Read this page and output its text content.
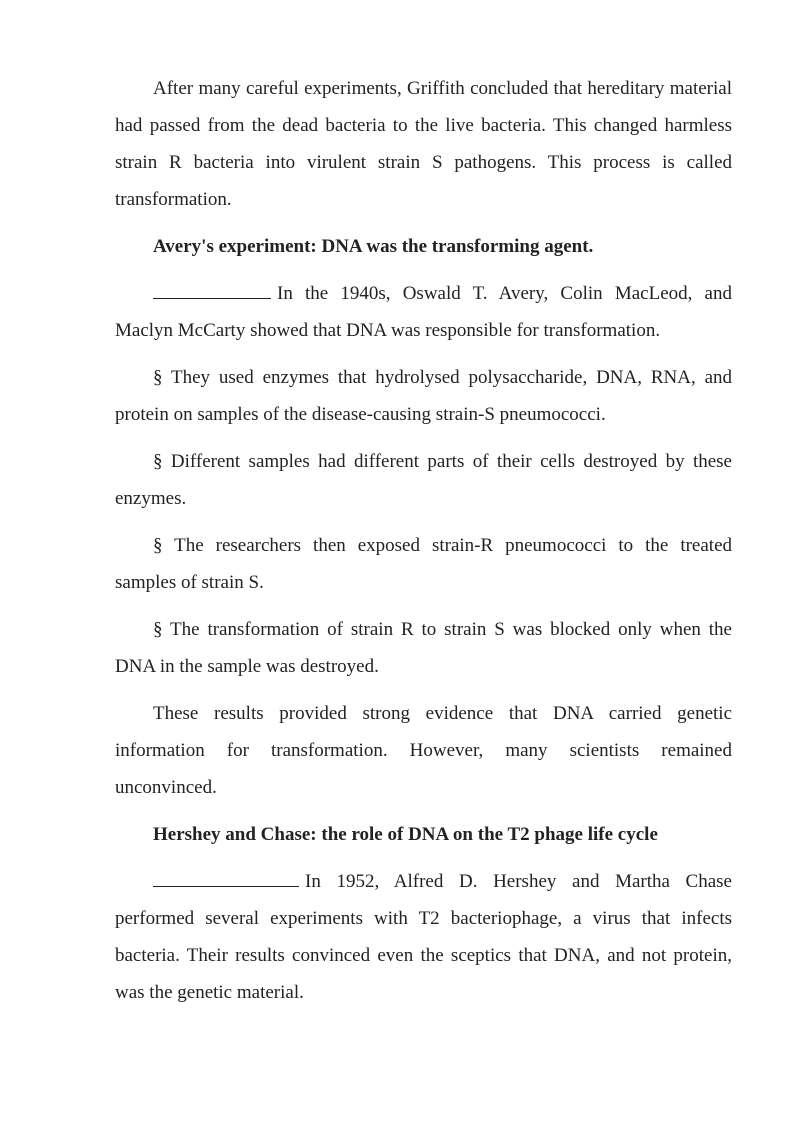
After many careful experiments, Griffith concluded that hereditary material had passed from the dead bacteria to the live bacteria. This changed harmless strain R bacteria into virulent strain S pathogens. This process is called transformation.

Avery's experiment: DNA was the transforming agent.

In the 1940s, Oswald T. Avery, Colin MacLeod, and Maclyn McCarty showed that DNA was responsible for transformation.

§ They used enzymes that hydrolysed polysaccharide, DNA, RNA, and protein on samples of the disease-causing strain-S pneumococci.

§ Different samples had different parts of their cells destroyed by these enzymes.

§ The researchers then exposed strain-R pneumococci to the treated samples of strain S.

§ The transformation of strain R to strain S was blocked only when the DNA in the sample was destroyed.

These results provided strong evidence that DNA carried genetic information for transformation. However, many scientists remained unconvinced.

Hershey and Chase: the role of DNA on the T2 phage life cycle

In 1952, Alfred D. Hershey and Martha Chase performed several experiments with T2 bacteriophage, a virus that infects bacteria. Their results convinced even the sceptics that DNA, and not protein, was the genetic material.
